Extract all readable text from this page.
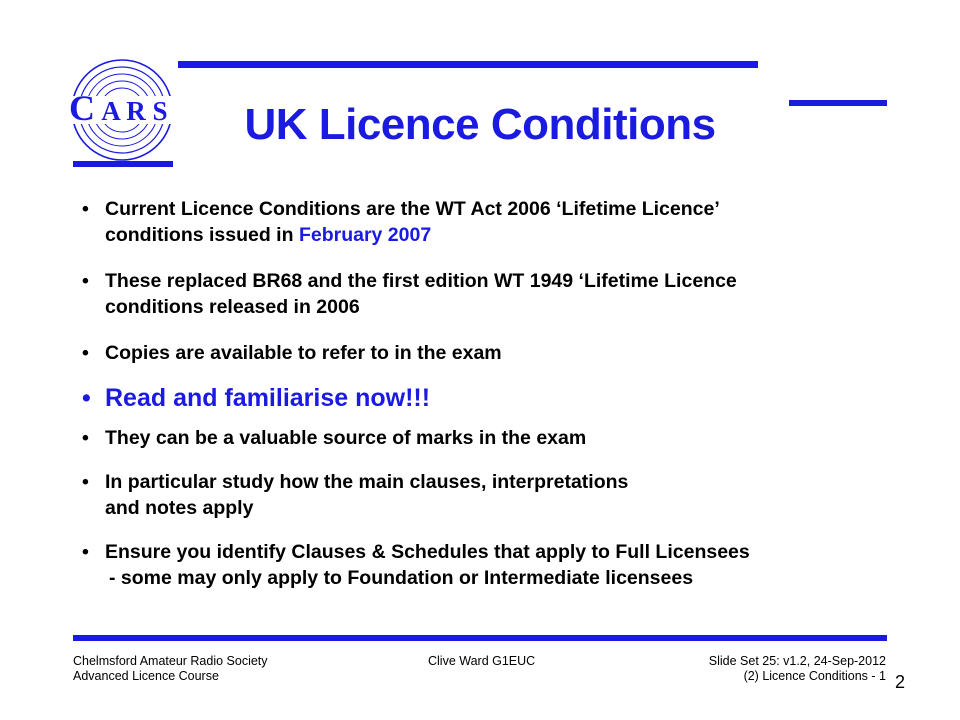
C A R S	UK Licence Conditions
• Current Licence Conditions are the WT Act 2006 ‘Lifetime Licence’
conditions issued in February 2007
• These replaced BR68 and the first edition WT 1949 ‘Lifetime Licence
conditions released in 2006
• Copies are available to refer to in the exam
• Read and familiarise now!!!
• They can be a valuable source of marks in the exam
• In particular study how the main clauses, interpretations
and notes apply
• Ensure you identify Clauses & Schedules that apply to Full Licensees
- some may only apply to Foundation or Intermediate licensees
Chelmsford Amateur Radio Society
Advanced Licence Course
Clive Ward G1EUC	Slide Set 25: v1.2, 24-Sep-2012
(2) Licence Conditions - 1 2
